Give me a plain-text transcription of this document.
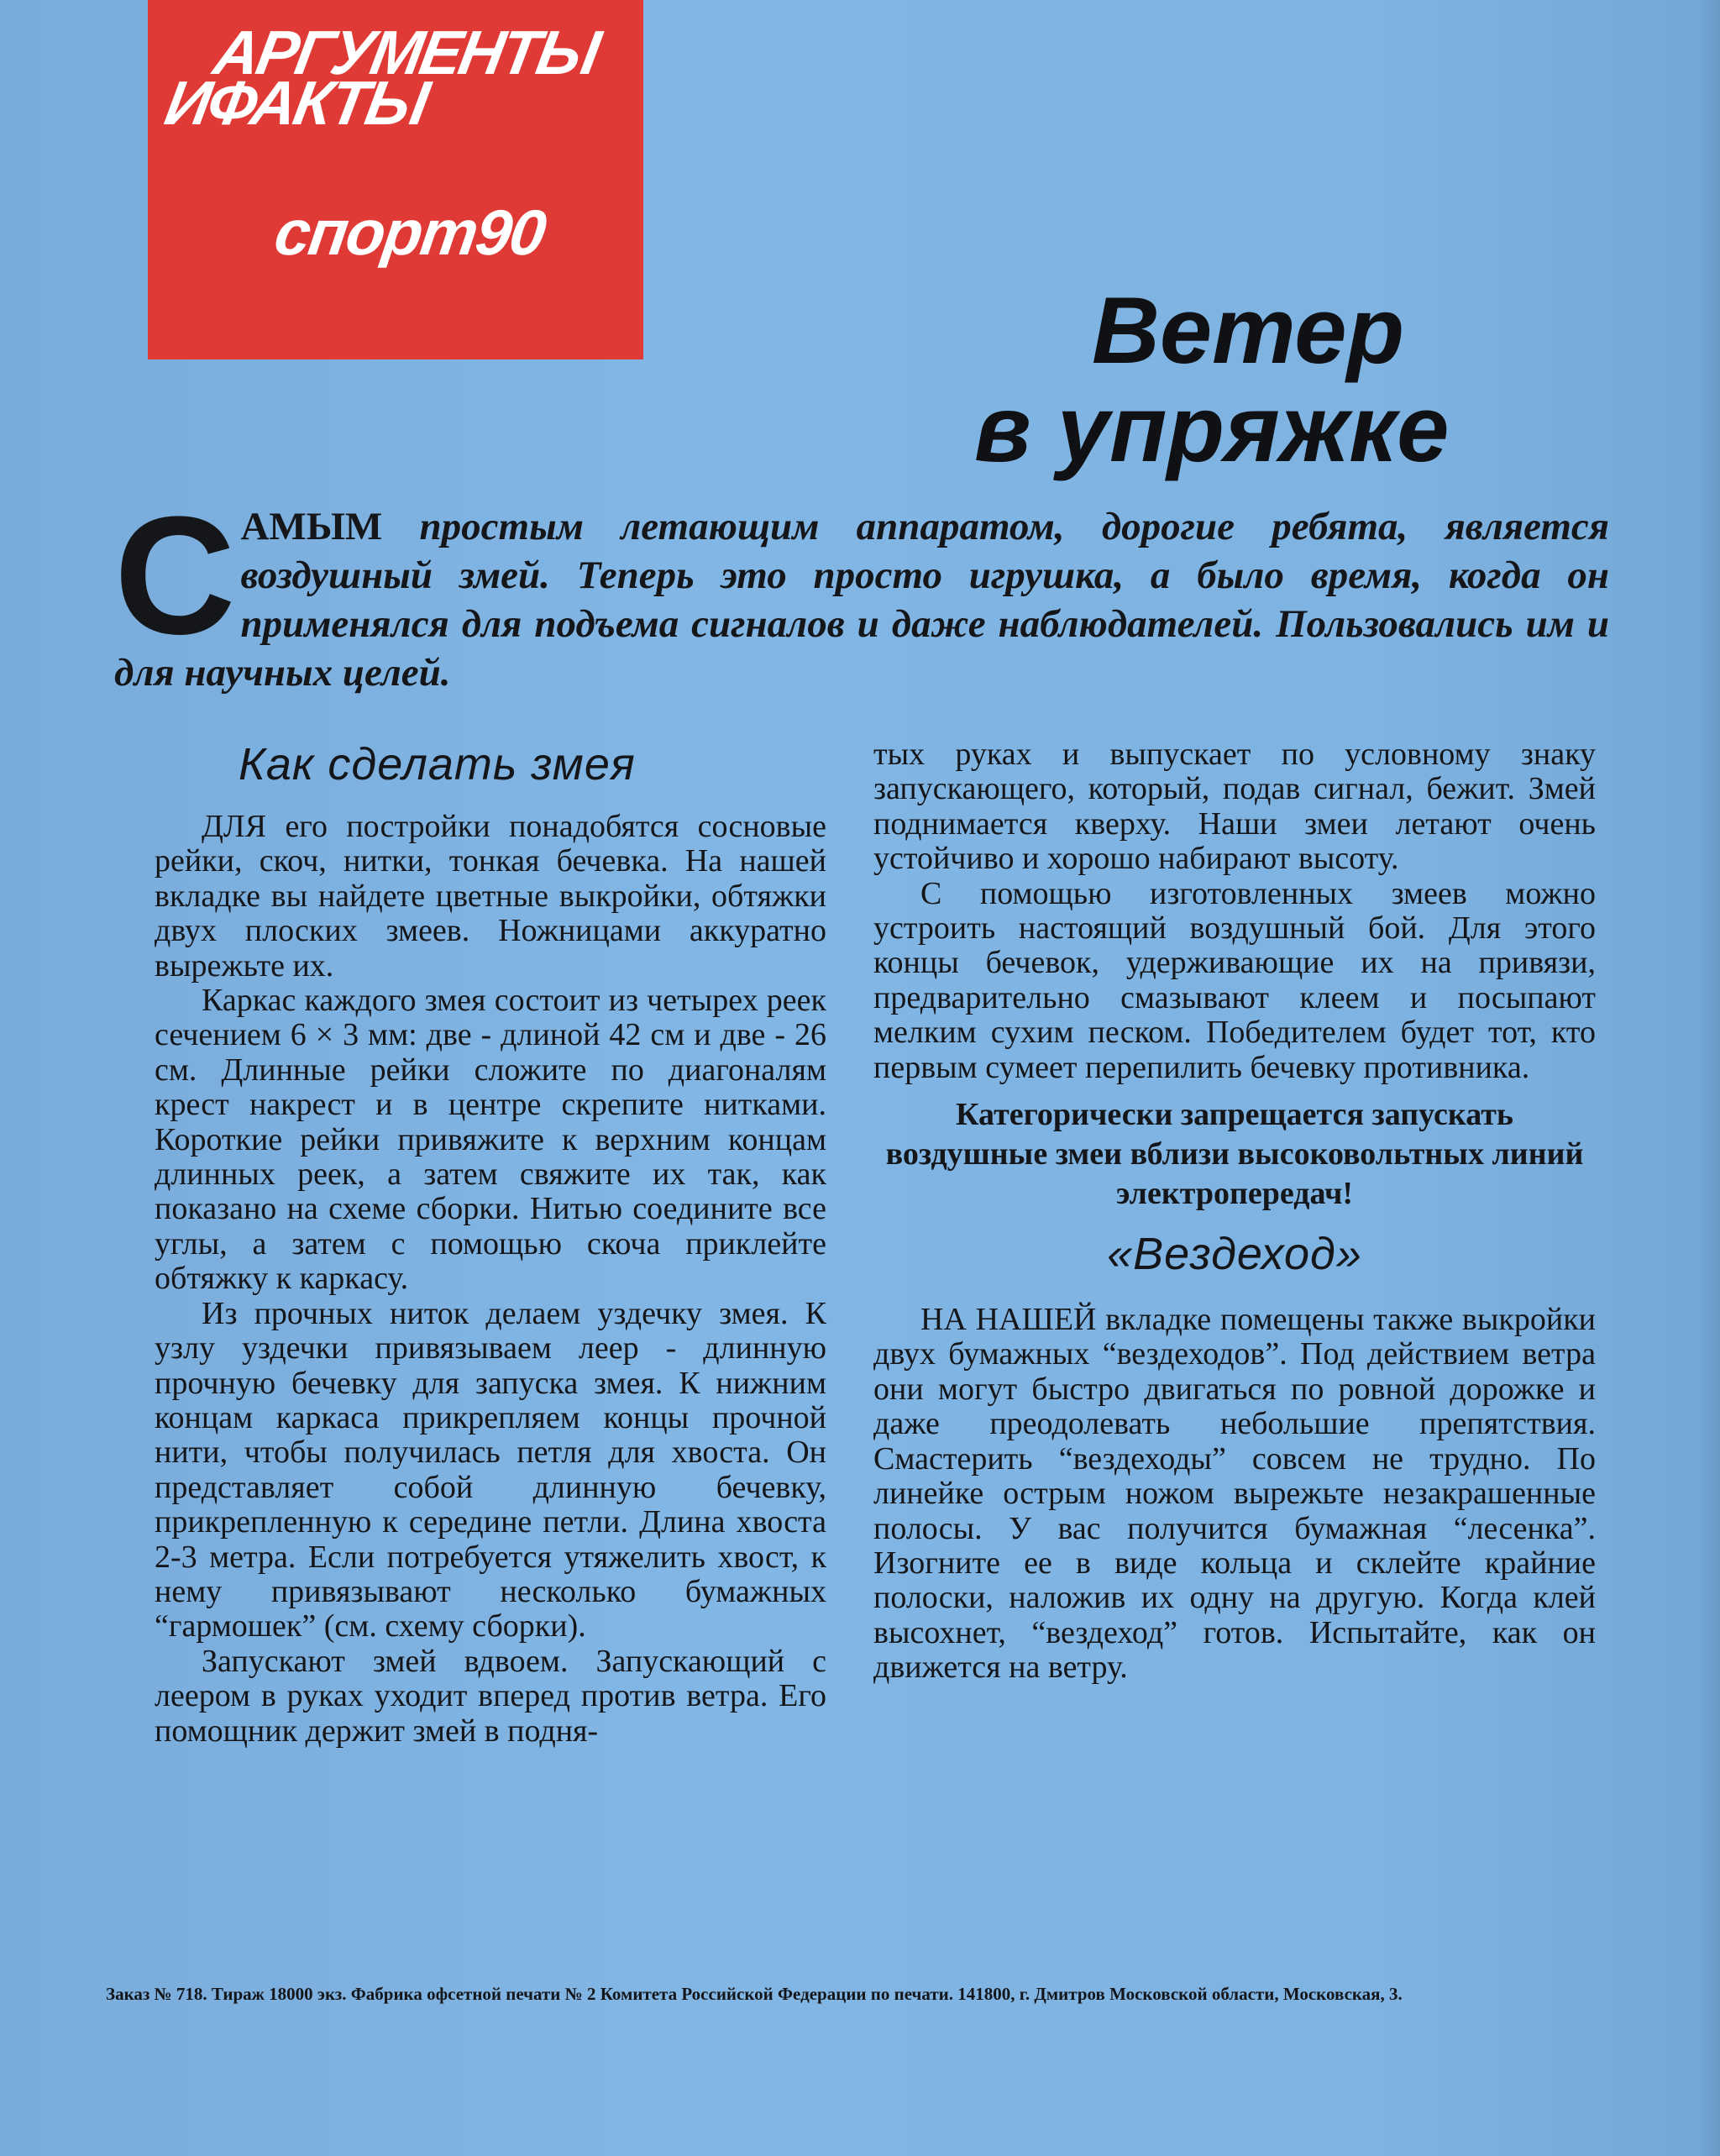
АРГУМЕНТЫ
ИФАКТЫ
спорт90
Ветер
в упряжке
САМЫМ простым летающим аппаратом, дорогие ребята, является воздушный змей. Теперь это просто игрушка, а было время, когда он применялся для подъема сигналов и даже наблюдателей. Пользовались им и для научных целей.
Как сделать змея

ДЛЯ его постройки понадобятся сосновые рейки, скоч, нитки, тонкая бечевка. На нашей вкладке вы найдете цветные выкройки, обтяжки двух плоских змеев. Ножницами аккуратно вырежьте их.

Каркас каждого змея состоит из четырех реек сечением 6 × 3 мм: две - длиной 42 см и две - 26 см. Длинные рейки сложите по диагоналям крест накрест и в центре скрепите нитками. Короткие рейки привяжите к верхним концам длинных реек, а затем свяжите их так, как показано на схеме сборки. Нитью соедините все углы, а затем с помощью скоча приклейте обтяжку к каркасу.

Из прочных ниток делаем уздечку змея. К узлу уздечки привязываем леер - длинную прочную бечевку для запуска змея. К нижним концам каркаса прикрепляем концы прочной нити, чтобы получилась петля для хвоста. Он представляет собой длинную бечевку, прикрепленную к середине петли. Длина хвоста 2-3 метра. Если потребуется утяжелить хвост, к нему привязывают несколько бумажных “гармошек” (см. схему сборки).

Запускают змей вдвоем. Запускающий с леером в руках уходит вперед против ветра. Его помощник держит змей в подня-

тых руках и выпускает по условному знаку запускающего, который, подав сигнал, бежит. Змей поднимается кверху. Наши змеи летают очень устойчиво и хорошо набирают высоту.

С помощью изготовленных змеев можно устроить настоящий воздушный бой. Для этого концы бечевок, удерживающие их на привязи, предварительно смазывают клеем и посыпают мелким сухим песком. Победителем будет тот, кто первым сумеет перепилить бечевку противника.

Категорически запрещается запускать воздушные змеи вблизи высоковольтных линий электропередач!

«Вездеход»

НА НАШЕЙ вкладке помещены также выкройки двух бумажных “вездеходов”. Под действием ветра они могут быстро двигаться по ровной дорожке и даже преодолевать небольшие препятствия. Смастерить “вездеходы” совсем не трудно. По линейке острым ножом вырежьте незакрашенные полосы. У вас получится бумажная “лесенка”. Изогните ее в виде кольца и склейте крайние полоски, наложив их одну на другую. Когда клей высохнет, “вездеход” готов. Испытайте, как он движется на ветру.

Заказ № 718. Тираж 18000 экз. Фабрика офсетной печати № 2 Комитета Российской Федерации по печати. 141800, г. Дмитров Московской области, Московская, 3.
